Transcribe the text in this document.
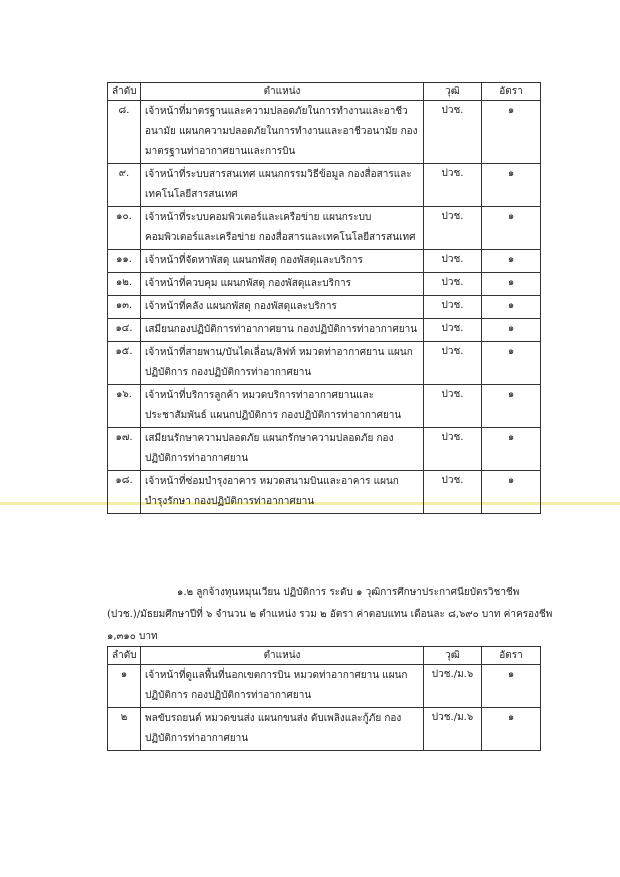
ลำดับ	ตำแหน่ง	วุฒิ	อัตรา
๘.	เจ้าหน้าที่มาตรฐานและความปลอดภัยในการทำงานและอาชีวอนามัย แผนกความปลอดภัยในการทำงานและอาชีวอนามัย กองมาตรฐานท่าอากาศยานและการบิน	ปวช.	๑
๙.	เจ้าหน้าที่ระบบสารสนเทศ แผนกกรรมวิธีข้อมูล กองสื่อสารและเทคโนโลยีสารสนเทศ	ปวช.	๑
๑๐.	เจ้าหน้าที่ระบบคอมพิวเตอร์และเครือข่าย แผนกระบบคอมพิวเตอร์และเครือข่าย กองสื่อสารและเทคโนโลยีสารสนเทศ	ปวช.	๑
๑๑.	เจ้าหน้าที่จัดหาพัสดุ แผนกพัสดุ กองพัสดุและบริการ	ปวช.	๑
๑๒.	เจ้าหน้าที่ควบคุม แผนกพัสดุ กองพัสดุและบริการ	ปวช.	๑
๑๓.	เจ้าหน้าที่คลัง แผนกพัสดุ กองพัสดุและบริการ	ปวช.	๑
๑๔.	เสมียนกองปฏิบัติการท่าอากาศยาน กองปฏิบัติการท่าอากาศยาน	ปวช.	๑
๑๕.	เจ้าหน้าที่สายพาน/บันไดเลื่อน/ลิฟท์ หมวดท่าอากาศยาน แผนกปฏิบัติการ กองปฏิบัติการท่าอากาศยาน	ปวช.	๑
๑๖.	เจ้าหน้าที่บริการลูกค้า หมวดบริการท่าอากาศยานและประชาสัมพันธ์ แผนกปฏิบัติการ กองปฏิบัติการท่าอากาศยาน	ปวช.	๑
๑๗.	เสมียนรักษาความปลอดภัย แผนกรักษาความปลอดภัย กองปฏิบัติการท่าอากาศยาน	ปวช.	๑
๑๘.	เจ้าหน้าที่ซ่อมบำรุงอาคาร หมวดสนามบินและอาคาร แผนกบำรุงรักษา กองปฏิบัติการท่าอากาศยาน	ปวช.	๑

๑.๒ ลูกจ้างทุนหมุนเวียน ปฏิบัติการ ระดับ ๑ วุฒิการศึกษาประกาศนียบัตรวิชาชีพ

(ปวช.)/มัธยมศึกษาปีที่ ๖ จำนวน ๒ ตำแหน่ง รวม ๒ อัตรา ค่าตอบแทน เดือนละ ๘,๖๙๐ บาท ค่าครองชีพ

๑,๓๑๐ บาท

ลำดับ	ตำแหน่ง	วุฒิ	อัตรา
๑	เจ้าหน้าที่ดูแลพื้นที่นอกเขตการบิน หมวดท่าอากาศยาน แผนกปฏิบัติการ กองปฏิบัติการท่าอากาศยาน	ปวช./ม.๖	๑
๒	พลขับรถยนต์ หมวดขนส่ง แผนกขนส่ง ดับเพลิงและกู้ภัย กองปฏิบัติการท่าอากาศยาน	ปวช./ม.๖	๑
